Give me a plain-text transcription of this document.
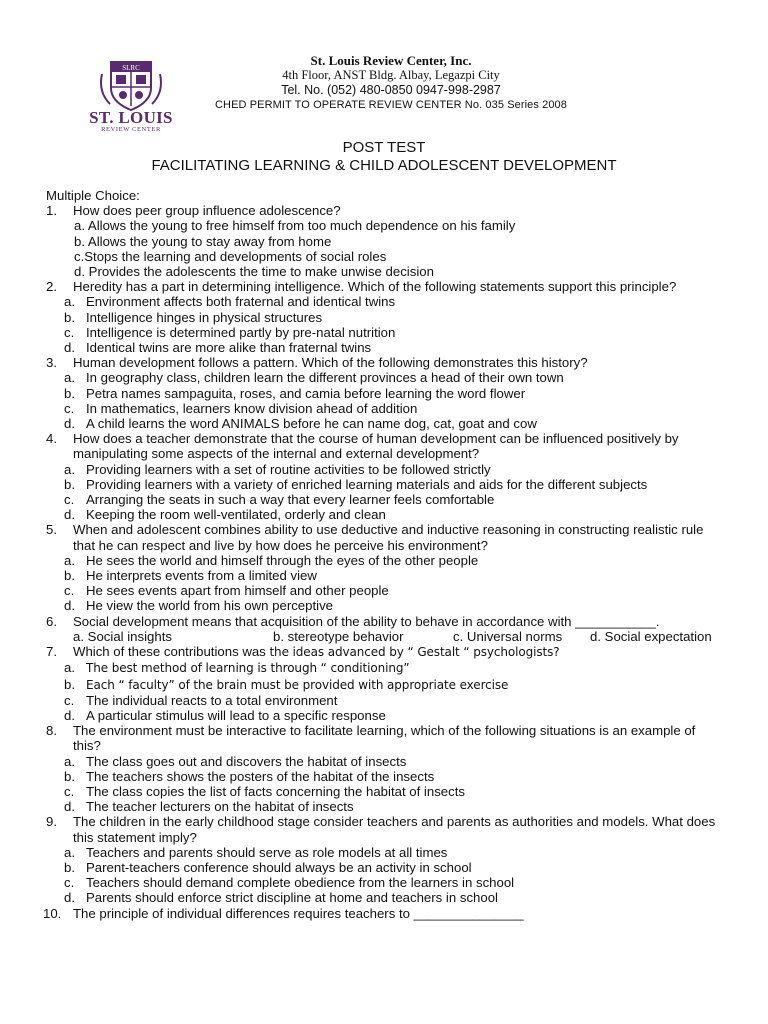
SLRC
ST. LOUIS
REVIEW CENTER
St. Louis Review Center, Inc.
4th Floor, ANST Bldg. Albay, Legazpi City
Tel. No. (052) 480-0850 0947-998-2987
CHED PERMIT TO OPERATE REVIEW CENTER No. 035 Series 2008
POST TEST
FACILITATING LEARNING & CHILD ADOLESCENT DEVELOPMENT
Multiple Choice:
1. How does peer group influence adolescence?
a. Allows the young to free himself from too much dependence on his family
b. Allows the young to stay away from home
c.Stops the learning and developments of social roles
d. Provides the adolescents the time to make unwise decision
2. Heredity has a part in determining intelligence. Which of the following statements support this principle?
a. Environment affects both fraternal and identical twins
b. Intelligence hinges in physical structures
c. Intelligence is determined partly by pre-natal nutrition
d. Identical twins are more alike than fraternal twins
3. Human development follows a pattern. Which of the following demonstrates this history?
a. In geography class, children learn the different provinces a head of their own town
b. Petra names sampaguita, roses, and camia before learning the word flower
c. In mathematics, learners know division ahead of addition
d. A child learns the word ANIMALS before he can name dog, cat, goat and cow
4. How does a teacher demonstrate that the course of human development can be influenced positively by manipulating some aspects of the internal and external development?
a. Providing learners with a set of routine activities to be followed strictly
b. Providing learners with a variety of enriched learning materials and aids for the different subjects
c. Arranging the seats in such a way that every learner feels comfortable
d. Keeping the room well-ventilated, orderly and clean
5. When and adolescent combines ability to use deductive and inductive reasoning in constructing realistic rule that he can respect and live by how does he perceive his environment?
a. He sees the world and himself through the eyes of the other people
b. He interprets events from a limited view
c. He sees events apart from himself and other people
d. He view the world from his own perceptive
6. Social development means that acquisition of the ability to behave in accordance with ___________.
a. Social insights	b. stereotype behavior	c. Universal norms	d. Social expectation
7. Which of these contributions was the ideas advanced by “ Gestalt “ psychologists?
a. The best method of learning is through “ conditioning”
b. Each “ faculty” of the brain must be provided with appropriate exercise
c. The individual reacts to a total environment
d. A particular stimulus will lead to a specific response
8. The environment must be interactive to facilitate learning, which of the following situations is an example of this?
a. The class goes out and discovers the habitat of insects
b. The teachers shows the posters of the habitat of the insects
c. The class copies the list of facts concerning the habitat of insects
d. The teacher lecturers on the habitat of insects
9. The children in the early childhood stage consider teachers and parents as authorities and models. What does this statement imply?
a. Teachers and parents should serve as role models at all times
b. Parent-teachers conference should always be an activity in school
c. Teachers should demand complete obedience from the learners in school
d. Parents should enforce strict discipline at home and teachers in school
10. The principle of individual differences requires teachers to _______________
